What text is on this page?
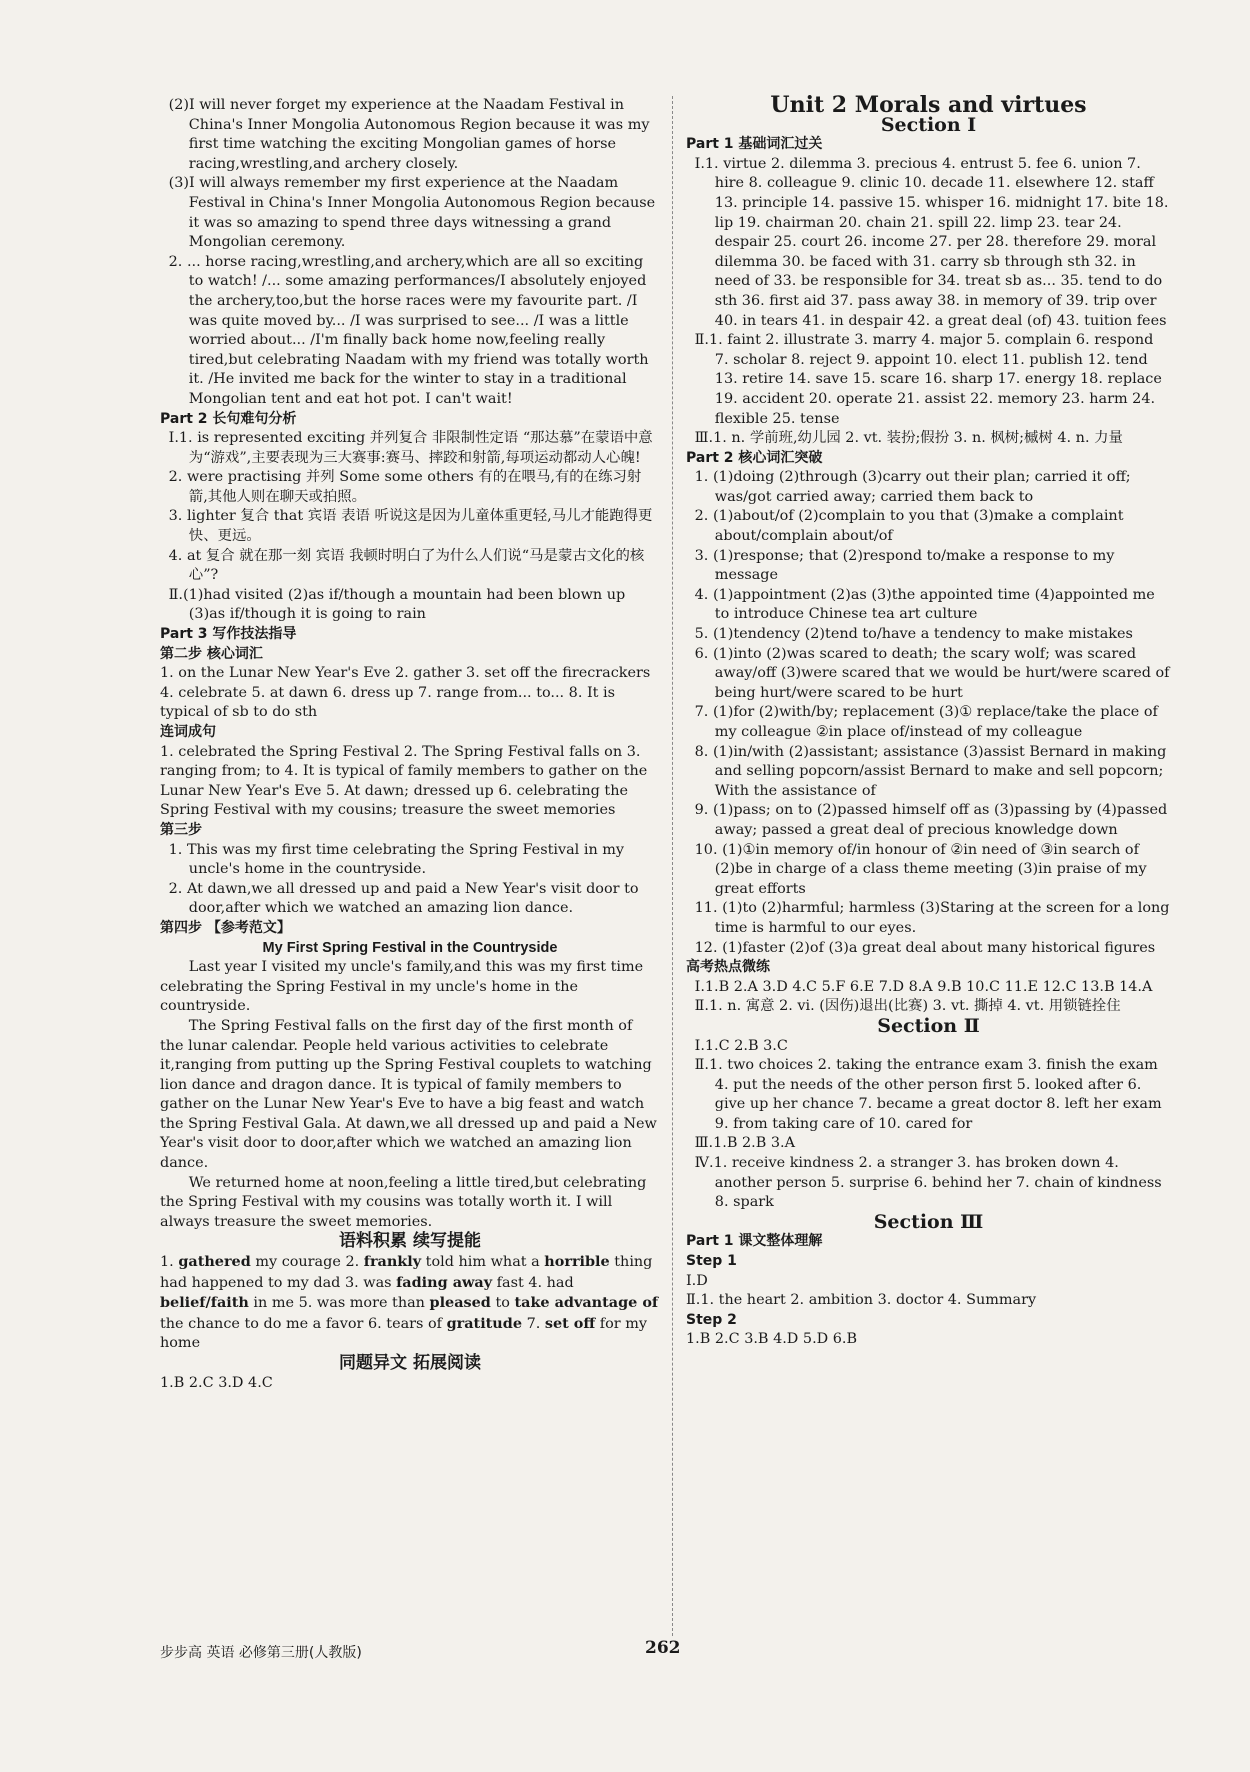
(2)I will never forget my experience at the Naadam Festival in China's Inner Mongolia Autonomous Region because it was my first time watching the exciting Mongolian games of horse racing,wrestling,and archery closely.

(3)I will always remember my first experience at the Naadam Festival in China's Inner Mongolia Autonomous Region because it was so amazing to spend three days witnessing a grand Mongolian ceremony.

2. ... horse racing,wrestling,and archery,which are all so exciting to watch! /... some amazing performances/I absolutely enjoyed the archery,too,but the horse races were my favourite part. /I was quite moved by... /I was surprised to see... /I was a little worried about... /I'm finally back home now,feeling really tired,but celebrating Naadam with my friend was totally worth it. /He invited me back for the winter to stay in a traditional Mongolian tent and eat hot pot. I can't wait!

Part 2 长句难句分析

Ⅰ.1. is represented exciting 并列复合 非限制性定语 “那达慕”在蒙语中意为“游戏”,主要表现为三大赛事:赛马、摔跤和射箭,每项运动都动人心魄!

2. were practising 并列 Some some others 有的在喂马,有的在练习射箭,其他人则在聊天或拍照。

3. lighter 复合 that 宾语 表语 听说这是因为儿童体重更轻,马儿才能跑得更快、更远。

4. at 复合 就在那一刻 宾语 我顿时明白了为什么人们说“马是蒙古文化的核心”?

Ⅱ.(1)had visited (2)as if/though a mountain had been blown up (3)as if/though it is going to rain

Part 3 写作技法指导

第二步 核心词汇

1. on the Lunar New Year's Eve 2. gather 3. set off the firecrackers 4. celebrate 5. at dawn 6. dress up 7. range from... to... 8. It is typical of sb to do sth

连词成句

1. celebrated the Spring Festival 2. The Spring Festival falls on 3. ranging from; to 4. It is typical of family members to gather on the Lunar New Year's Eve 5. At dawn; dressed up 6. celebrating the Spring Festival with my cousins; treasure the sweet memories

第三步

1. This was my first time celebrating the Spring Festival in my uncle's home in the countryside.

2. At dawn,we all dressed up and paid a New Year's visit door to door,after which we watched an amazing lion dance.

第四步 【参考范文】

My First Spring Festival in the Countryside

Last year I visited my uncle's family,and this was my first time celebrating the Spring Festival in my uncle's home in the countryside.

The Spring Festival falls on the first day of the first month of the lunar calendar. People held various activities to celebrate it,ranging from putting up the Spring Festival couplets to watching lion dance and dragon dance. It is typical of family members to gather on the Lunar New Year's Eve to have a big feast and watch the Spring Festival Gala. At dawn,we all dressed up and paid a New Year's visit door to door,after which we watched an amazing lion dance.

We returned home at noon,feeling a little tired,but celebrating the Spring Festival with my cousins was totally worth it. I will always treasure the sweet memories.

语料积累 续写提能

1. gathered my courage 2. frankly told him what a horrible thing had happened to my dad 3. was fading away fast 4. had belief/faith in me 5. was more than pleased to take advantage of the chance to do me a favor 6. tears of gratitude 7. set off for my home

同题异文 拓展阅读

1.B 2.C 3.D 4.C

Unit 2 Morals and virtues

Section Ⅰ

Part 1 基础词汇过关

Ⅰ.1. virtue 2. dilemma 3. precious 4. entrust 5. fee 6. union 7. hire 8. colleague 9. clinic 10. decade 11. elsewhere 12. staff 13. principle 14. passive 15. whisper 16. midnight 17. bite 18. lip 19. chairman 20. chain 21. spill 22. limp 23. tear 24. despair 25. court 26. income 27. per 28. therefore 29. moral dilemma 30. be faced with 31. carry sb through sth 32. in need of 33. be responsible for 34. treat sb as... 35. tend to do sth 36. first aid 37. pass away 38. in memory of 39. trip over 40. in tears 41. in despair 42. a great deal (of) 43. tuition fees

Ⅱ.1. faint 2. illustrate 3. marry 4. major 5. complain 6. respond 7. scholar 8. reject 9. appoint 10. elect 11. publish 12. tend 13. retire 14. save 15. scare 16. sharp 17. energy 18. replace 19. accident 20. operate 21. assist 22. memory 23. harm 24. flexible 25. tense

Ⅲ.1. n. 学前班,幼儿园 2. vt. 装扮;假扮 3. n. 枫树;槭树 4. n. 力量

Part 2 核心词汇突破

1. (1)doing (2)through (3)carry out their plan; carried it off; was/got carried away; carried them back to

2. (1)about/of (2)complain to you that (3)make a complaint about/complain about/of

3. (1)response; that (2)respond to/make a response to my message

4. (1)appointment (2)as (3)the appointed time (4)appointed me to introduce Chinese tea art culture

5. (1)tendency (2)tend to/have a tendency to make mistakes

6. (1)into (2)was scared to death; the scary wolf; was scared away/off (3)were scared that we would be hurt/were scared of being hurt/were scared to be hurt

7. (1)for (2)with/by; replacement (3)① replace/take the place of my colleague ②in place of/instead of my colleague

8. (1)in/with (2)assistant; assistance (3)assist Bernard in making and selling popcorn/assist Bernard to make and sell popcorn; With the assistance of

9. (1)pass; on to (2)passed himself off as (3)passing by (4)passed away; passed a great deal of precious knowledge down

10. (1)①in memory of/in honour of ②in need of ③in search of (2)be in charge of a class theme meeting (3)in praise of my great efforts

11. (1)to (2)harmful; harmless (3)Staring at the screen for a long time is harmful to our eyes.

12. (1)faster (2)of (3)a great deal about many historical figures

高考热点微练

Ⅰ.1.B 2.A 3.D 4.C 5.F 6.E 7.D 8.A 9.B 10.C 11.E 12.C 13.B 14.A

Ⅱ.1. n. 寓意 2. vi. (因伤)退出(比赛) 3. vt. 撕掉 4. vt. 用锁链拴住

Section Ⅱ

Ⅰ.1.C 2.B 3.C

Ⅱ.1. two choices 2. taking the entrance exam 3. finish the exam 4. put the needs of the other person first 5. looked after 6. give up her chance 7. became a great doctor 8. left her exam 9. from taking care of 10. cared for

Ⅲ.1.B 2.B 3.A

Ⅳ.1. receive kindness 2. a stranger 3. has broken down 4. another person 5. surprise 6. behind her 7. chain of kindness 8. spark

Section Ⅲ

Part 1 课文整体理解

Step 1

Ⅰ.D

Ⅱ.1. the heart 2. ambition 3. doctor 4. Summary

Step 2

1.B 2.C 3.B 4.D 5.D 6.B

步步高 英语 必修第三册(人教版)	262
